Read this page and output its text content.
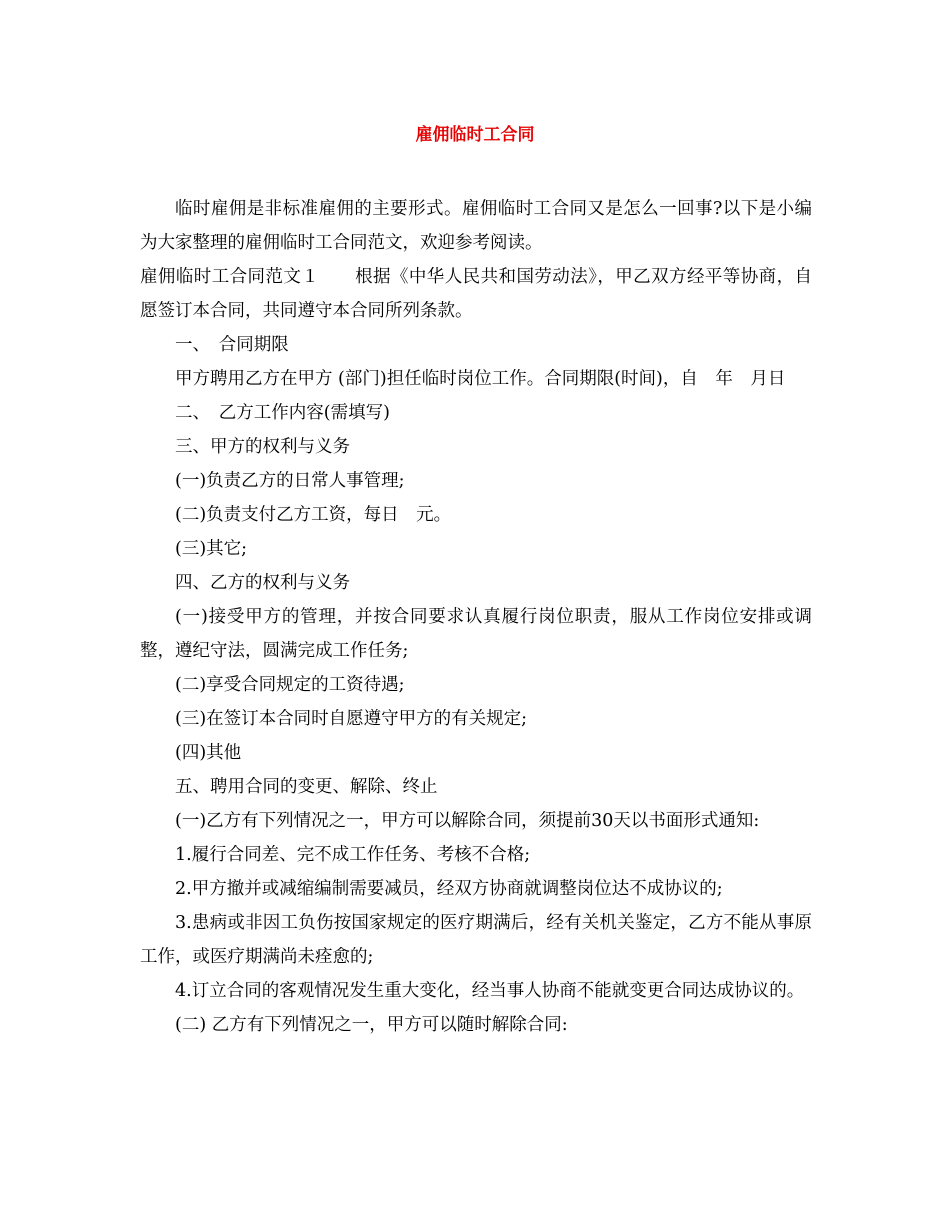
雇佣临时工合同

临时雇佣是非标准雇佣的主要形式。雇佣临时工合同又是怎么一回事?以下是小编为大家整理的雇佣临时工合同范文，欢迎参考阅读。

雇佣临时工合同范文１　　根据《中华人民共和国劳动法》，甲乙双方经平等协商，自愿签订本合同，共同遵守本合同所列条款。

一、　合同期限

甲方聘用乙方在甲方 (部门)担任临时岗位工作。合同期限(时间)，自　年　月日

二、　乙方工作内容(需填写)

三、甲方的权利与义务

(一)负责乙方的日常人事管理;

(二)负责支付乙方工资，每日　元。

(三)其它;

四、乙方的权利与义务

(一)接受甲方的管理，并按合同要求认真履行岗位职责，服从工作岗位安排或调整，遵纪守法，圆满完成工作任务;

(二)享受合同规定的工资待遇;

(三)在签订本合同时自愿遵守甲方的有关规定;

(四)其他

五、聘用合同的变更、解除、终止

(一)乙方有下列情况之一，甲方可以解除合同，须提前30天以书面形式通知:

1.履行合同差、完不成工作任务、考核不合格;

2.甲方撤并或减缩编制需要减员，经双方协商就调整岗位达不成协议的;

3.患病或非因工负伤按国家规定的医疗期满后，经有关机关鉴定，乙方不能从事原工作，或医疗期满尚未痊愈的;

4.订立合同的客观情况发生重大变化，经当事人协商不能就变更合同达成协议的。

(二) 乙方有下列情况之一，甲方可以随时解除合同:
